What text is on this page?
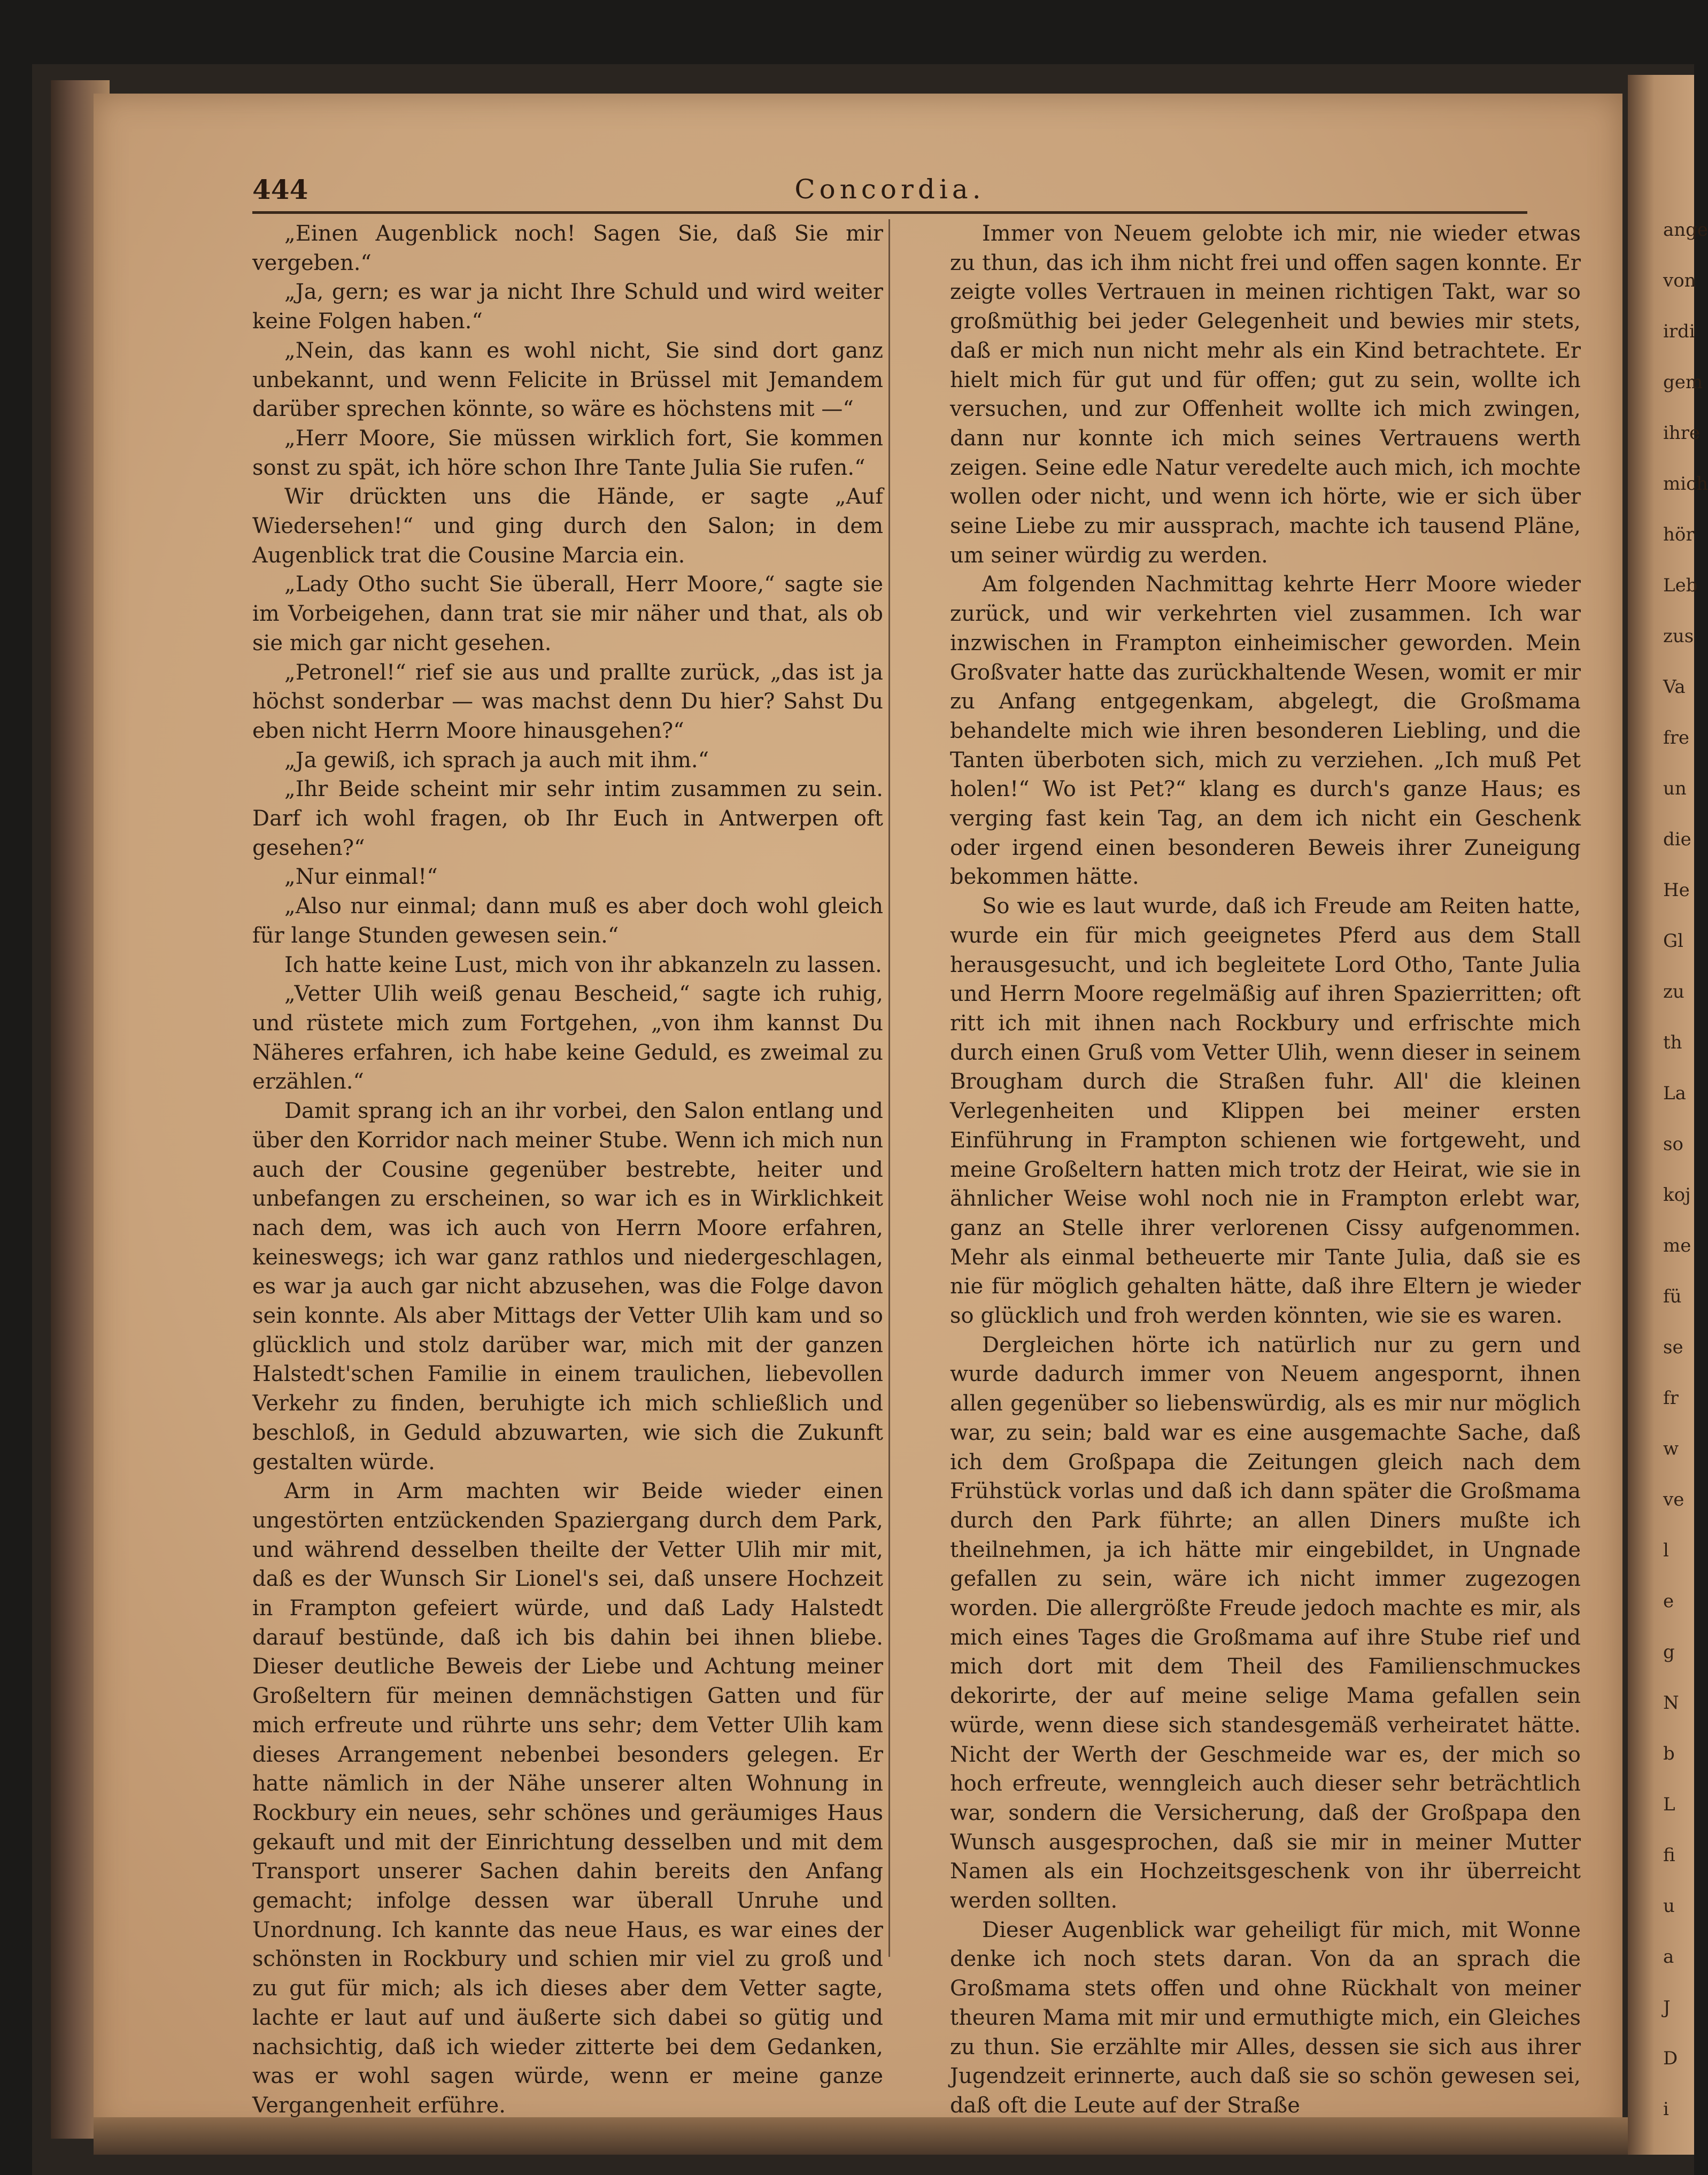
ange
von
irdi
gem
ihre
mich
hör
Leb
zus
Va
fre
un
die
He
Gl
zu
th
La
so
koj
me
fü
se
fr
w
ve
l
e
g
N
b
L
fi
u
a
J
D
i
444	Concordia.

„Einen Augenblick noch! Sagen Sie, daß Sie mir vergeben.“

„Ja, gern; es war ja nicht Ihre Schuld und wird weiter keine Folgen haben.“

„Nein, das kann es wohl nicht, Sie sind dort ganz unbekannt, und wenn Felicite in Brüssel mit Jemandem darüber sprechen könnte, so wäre es höchstens mit —“

„Herr Moore, Sie müssen wirklich fort, Sie kommen sonst zu spät, ich höre schon Ihre Tante Julia Sie rufen.“

Wir drückten uns die Hände, er sagte „Auf Wiedersehen!“ und ging durch den Salon; in dem Augenblick trat die Cousine Marcia ein.

„Lady Otho sucht Sie überall, Herr Moore,“ sagte sie im Vorbeigehen, dann trat sie mir näher und that, als ob sie mich gar nicht gesehen.

„Petronel!“ rief sie aus und prallte zurück, „das ist ja höchst sonderbar — was machst denn Du hier? Sahst Du eben nicht Herrn Moore hinausgehen?“

„Ja gewiß, ich sprach ja auch mit ihm.“

„Ihr Beide scheint mir sehr intim zusammen zu sein. Darf ich wohl fragen, ob Ihr Euch in Antwerpen oft gesehen?“

„Nur einmal!“

„Also nur einmal; dann muß es aber doch wohl gleich für lange Stunden gewesen sein.“

Ich hatte keine Lust, mich von ihr abkanzeln zu lassen.

„Vetter Ulih weiß genau Bescheid,“ sagte ich ruhig, und rüstete mich zum Fortgehen, „von ihm kannst Du Näheres erfahren, ich habe keine Geduld, es zweimal zu erzählen.“

Damit sprang ich an ihr vorbei, den Salon entlang und über den Korridor nach meiner Stube. Wenn ich mich nun auch der Cousine gegenüber bestrebte, heiter und unbefangen zu erscheinen, so war ich es in Wirklichkeit nach dem, was ich auch von Herrn Moore erfahren, keineswegs; ich war ganz rathlos und niedergeschlagen, es war ja auch gar nicht abzusehen, was die Folge davon sein konnte. Als aber Mittags der Vetter Ulih kam und so glücklich und stolz darüber war, mich mit der ganzen Halstedt'schen Familie in einem traulichen, liebevollen Verkehr zu finden, beruhigte ich mich schließlich und beschloß, in Geduld abzuwarten, wie sich die Zukunft gestalten würde.

Arm in Arm machten wir Beide wieder einen ungestörten entzückenden Spaziergang durch dem Park, und während desselben theilte der Vetter Ulih mir mit, daß es der Wunsch Sir Lionel's sei, daß unsere Hochzeit in Frampton gefeiert würde, und daß Lady Halstedt darauf bestünde, daß ich bis dahin bei ihnen bliebe. Dieser deutliche Beweis der Liebe und Achtung meiner Großeltern für meinen demnächstigen Gatten und für mich erfreute und rührte uns sehr; dem Vetter Ulih kam dieses Arrangement nebenbei besonders gelegen. Er hatte nämlich in der Nähe unserer alten Wohnung in Rockbury ein neues, sehr schönes und geräumiges Haus gekauft und mit der Einrichtung desselben und mit dem Transport unserer Sachen dahin bereits den Anfang gemacht; infolge dessen war überall Unruhe und Unordnung. Ich kannte das neue Haus, es war eines der schönsten in Rockbury und schien mir viel zu groß und zu gut für mich; als ich dieses aber dem Vetter sagte, lachte er laut auf und äußerte sich dabei so gütig und nachsichtig, daß ich wieder zitterte bei dem Gedanken, was er wohl sagen würde, wenn er meine ganze Vergangenheit erführe.

Immer von Neuem gelobte ich mir, nie wieder etwas zu thun, das ich ihm nicht frei und offen sagen konnte. Er zeigte volles Vertrauen in meinen richtigen Takt, war so großmüthig bei jeder Gelegenheit und bewies mir stets, daß er mich nun nicht mehr als ein Kind betrachtete. Er hielt mich für gut und für offen; gut zu sein, wollte ich versuchen, und zur Offenheit wollte ich mich zwingen, dann nur konnte ich mich seines Vertrauens werth zeigen. Seine edle Natur veredelte auch mich, ich mochte wollen oder nicht, und wenn ich hörte, wie er sich über seine Liebe zu mir aussprach, machte ich tausend Pläne, um seiner würdig zu werden.

Am folgenden Nachmittag kehrte Herr Moore wieder zurück, und wir verkehrten viel zusammen. Ich war inzwischen in Frampton einheimischer geworden. Mein Großvater hatte das zurückhaltende Wesen, womit er mir zu Anfang entgegenkam, abgelegt, die Großmama behandelte mich wie ihren besonderen Liebling, und die Tanten überboten sich, mich zu verziehen. „Ich muß Pet holen!“ Wo ist Pet?“ klang es durch's ganze Haus; es verging fast kein Tag, an dem ich nicht ein Geschenk oder irgend einen besonderen Beweis ihrer Zuneigung bekommen hätte.

So wie es laut wurde, daß ich Freude am Reiten hatte, wurde ein für mich geeignetes Pferd aus dem Stall herausgesucht, und ich begleitete Lord Otho, Tante Julia und Herrn Moore regelmäßig auf ihren Spazierritten; oft ritt ich mit ihnen nach Rockbury und erfrischte mich durch einen Gruß vom Vetter Ulih, wenn dieser in seinem Brougham durch die Straßen fuhr. All' die kleinen Verlegenheiten und Klippen bei meiner ersten Einführung in Frampton schienen wie fortgeweht, und meine Großeltern hatten mich trotz der Heirat, wie sie in ähnlicher Weise wohl noch nie in Frampton erlebt war, ganz an Stelle ihrer verlorenen Cissy aufgenommen. Mehr als einmal betheuerte mir Tante Julia, daß sie es nie für möglich gehalten hätte, daß ihre Eltern je wieder so glücklich und froh werden könnten, wie sie es waren.

Dergleichen hörte ich natürlich nur zu gern und wurde dadurch immer von Neuem angespornt, ihnen allen gegenüber so liebenswürdig, als es mir nur möglich war, zu sein; bald war es eine ausgemachte Sache, daß ich dem Großpapa die Zeitungen gleich nach dem Frühstück vorlas und daß ich dann später die Großmama durch den Park führte; an allen Diners mußte ich theilnehmen, ja ich hätte mir eingebildet, in Ungnade gefallen zu sein, wäre ich nicht immer zugezogen worden. Die allergrößte Freude jedoch machte es mir, als mich eines Tages die Großmama auf ihre Stube rief und mich dort mit dem Theil des Familienschmuckes dekorirte, der auf meine selige Mama gefallen sein würde, wenn diese sich standesgemäß verheiratet hätte. Nicht der Werth der Geschmeide war es, der mich so hoch erfreute, wenngleich auch dieser sehr beträchtlich war, sondern die Versicherung, daß der Großpapa den Wunsch ausgesprochen, daß sie mir in meiner Mutter Namen als ein Hochzeitsgeschenk von ihr überreicht werden sollten.

Dieser Augenblick war geheiligt für mich, mit Wonne denke ich noch stets daran. Von da an sprach die Großmama stets offen und ohne Rückhalt von meiner theuren Mama mit mir und ermuthigte mich, ein Gleiches zu thun. Sie erzählte mir Alles, dessen sie sich aus ihrer Jugendzeit erinnerte, auch daß sie so schön gewesen sei, daß oft die Leute auf der Straße
